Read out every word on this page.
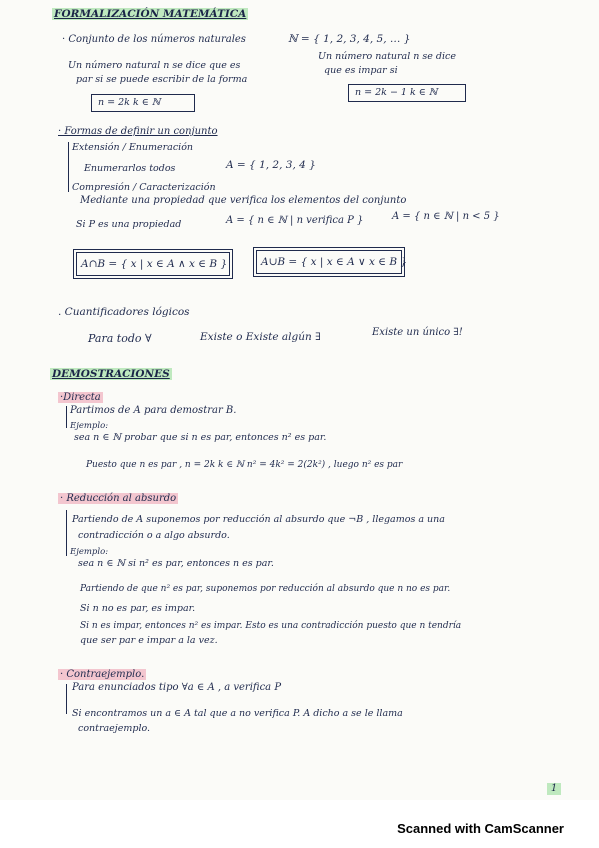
FORMALIZACIÓN MATEMÁTICA
· Conjunto de los números naturales	ℕ = { 1, 2, 3, 4, 5, … }
Un número natural n se dice que es
par si se puede escribir de la forma
n = 2k k ∈ ℕ
Un número natural n se dice
que es impar si
n = 2k − 1 k ∈ ℕ
· Formas de definir un conjunto
Extensión / Enumeración
Enumerarlos todos	A = { 1, 2, 3, 4 }
Compresión / Caracterización
Mediante una propiedad que verifica los elementos del conjunto
Si P es una propiedad	A = { n ∈ ℕ | n verifica P }	A = { n ∈ ℕ | n < 5 }
A∩B = { x | x ∈ A ∧ x ∈ B }	A∪B = { x | x ∈ A ∨ x ∈ B }
. Cuantificadores lógicos
Para todo ∀	Existe o Existe algún ∃	Existe un único ∃!
DEMOSTRACIONES
·Directa
Partimos de A para demostrar B.
Ejemplo:
sea n ∈ ℕ probar que si n es par, entonces n² es par.
Puesto que n es par , n = 2k k ∈ ℕ n² = 4k² = 2(2k²) , luego n² es par
· Reducción al absurdo
Partiendo de A suponemos por reducción al absurdo que ¬B , llegamos a una
contradicción o a algo absurdo.
Ejemplo:
sea n ∈ ℕ si n² es par, entonces n es par.
Partiendo de que n² es par, suponemos por reducción al absurdo que n no es par.
Si n no es par, es impar.
Si n es impar, entonces n² es impar. Esto es una contradicción puesto que n tendría
que ser par e impar a la vez.
· Contraejemplo.
Para enunciados tipo ∀a ∈ A , a verifica P
Si encontramos un a ∈ A tal que a no verifica P. A dicho a se le llama
contraejemplo.
1
Scanned with CamScanner
